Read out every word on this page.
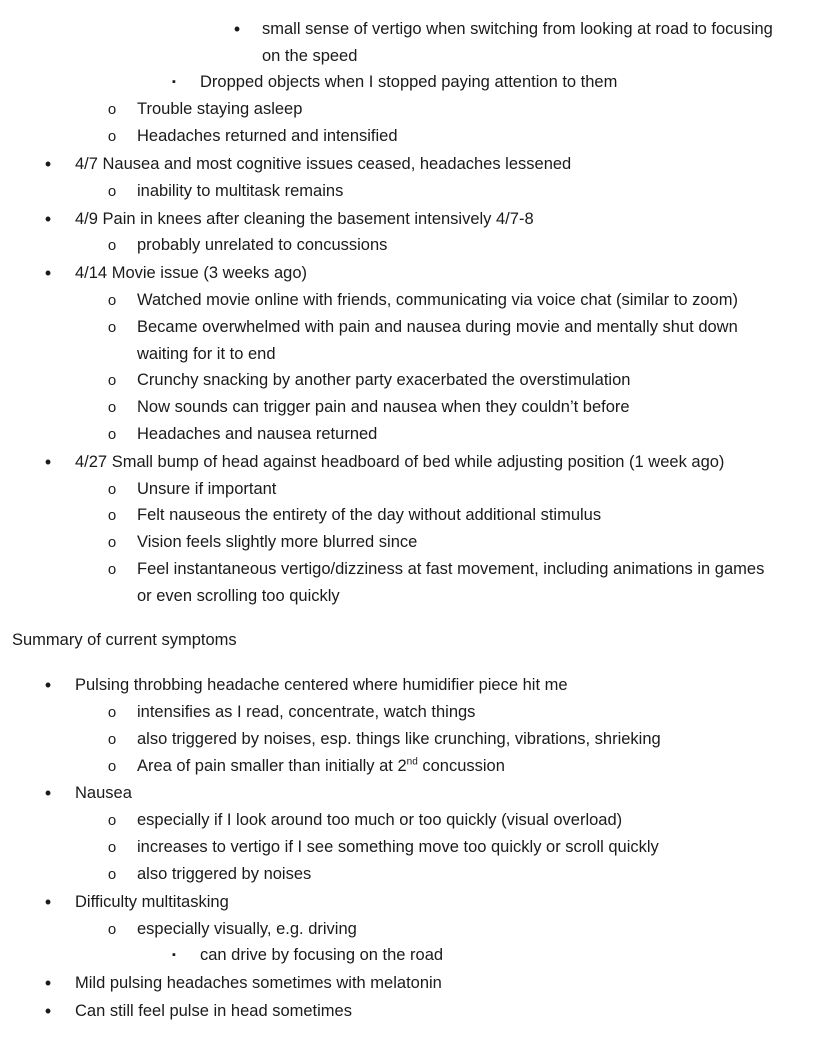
• small sense of vertigo when switching from looking at road to focusing
on the speed
▪	Dropped objects when I stopped paying attention to them
o Trouble staying asleep
o Headaches returned and intensified
• 4/7 Nausea and most cognitive issues ceased, headaches lessened
o inability to multitask remains
• 4/9 Pain in knees after cleaning the basement intensively 4/7-8
o probably unrelated to concussions
• 4/14 Movie issue (3 weeks ago)
o Watched movie online with friends, communicating via voice chat (similar to zoom)
o Became overwhelmed with pain and nausea during movie and mentally shut down
waiting for it to end
o Crunchy snacking by another party exacerbated the overstimulation
o Now sounds can trigger pain and nausea when they couldn’t before
o Headaches and nausea returned
• 4/27 Small bump of head against headboard of bed while adjusting position (1 week ago)
o Unsure if important
o Felt nauseous the entirety of the day without additional stimulus
o Vision feels slightly more blurred since
o Feel instantaneous vertigo/dizziness at fast movement, including animations in games
or even scrolling too quickly
Summary of current symptoms
• Pulsing throbbing headache centered where humidifier piece hit me
o intensifies as I read, concentrate, watch things
o also triggered by noises, esp. things like crunching, vibrations, shrieking
o Area of pain smaller than initially at 2nd concussion
• Nausea
o especially if I look around too much or too quickly (visual overload)
o increases to vertigo if I see something move too quickly or scroll quickly
o also triggered by noises
• Difficulty multitasking
o especially visually, e.g. driving
▪	can drive by focusing on the road
• Mild pulsing headaches sometimes with melatonin
• Can still feel pulse in head sometimes
